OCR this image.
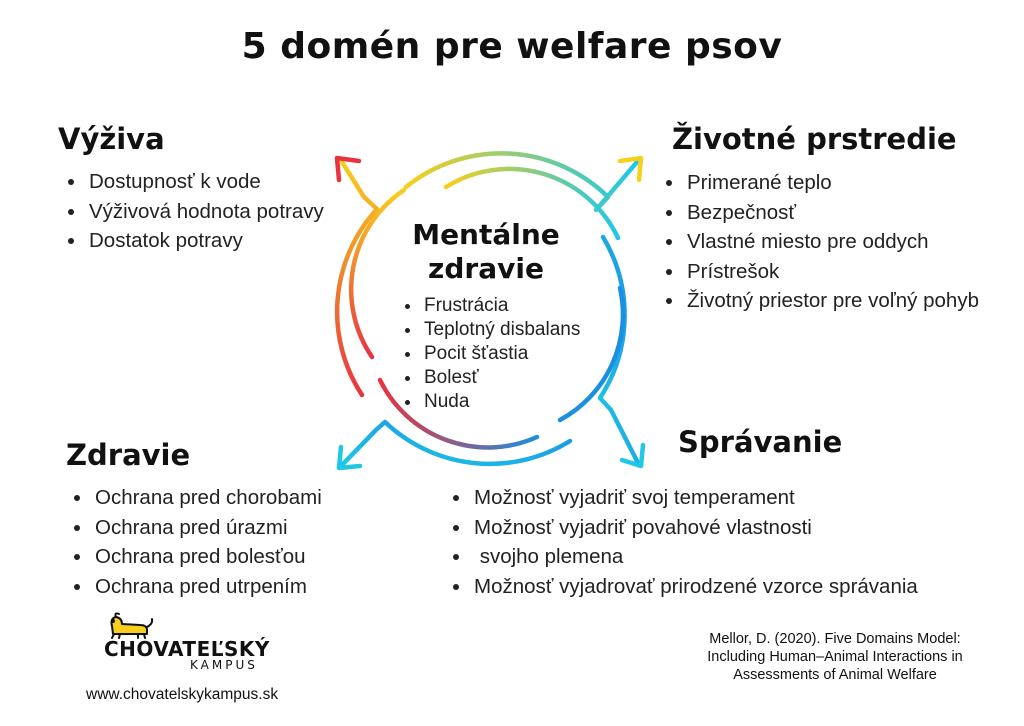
5 domén pre welfare psov
Výživa
• Dostupnosť k vode
• Výživová hodnota potravy
• Dostatok potravy
Životné prstredie
• Primerané teplo
• Bezpečnosť
• Vlastné miesto pre oddych
• Prístrešok
• Životný priestor pre voľný pohyb
Zdravie
• Ochrana pred chorobami
• Ochrana pred úrazmi
• Ochrana pred bolesťou
• Ochrana pred utrpením
Správanie
• Možnosť vyjadriť svoj temperament
• Možnosť vyjadriť povahové vlastnosti
•  svojho plemena
• Možnosť vyjadrovať prirodzené vzorce správania
Mentálne
zdravie
• Frustrácia
• Teplotný disbalans
• Pocit šťastia
• Bolesť
• Nuda

CHOVATEĽSKÝ

KAMPUS

www.chovatelskykampus.sk

Mellor, D. (2020). Five Domains Model: Including Human–Animal Interactions in Assessments of Animal Welfare
